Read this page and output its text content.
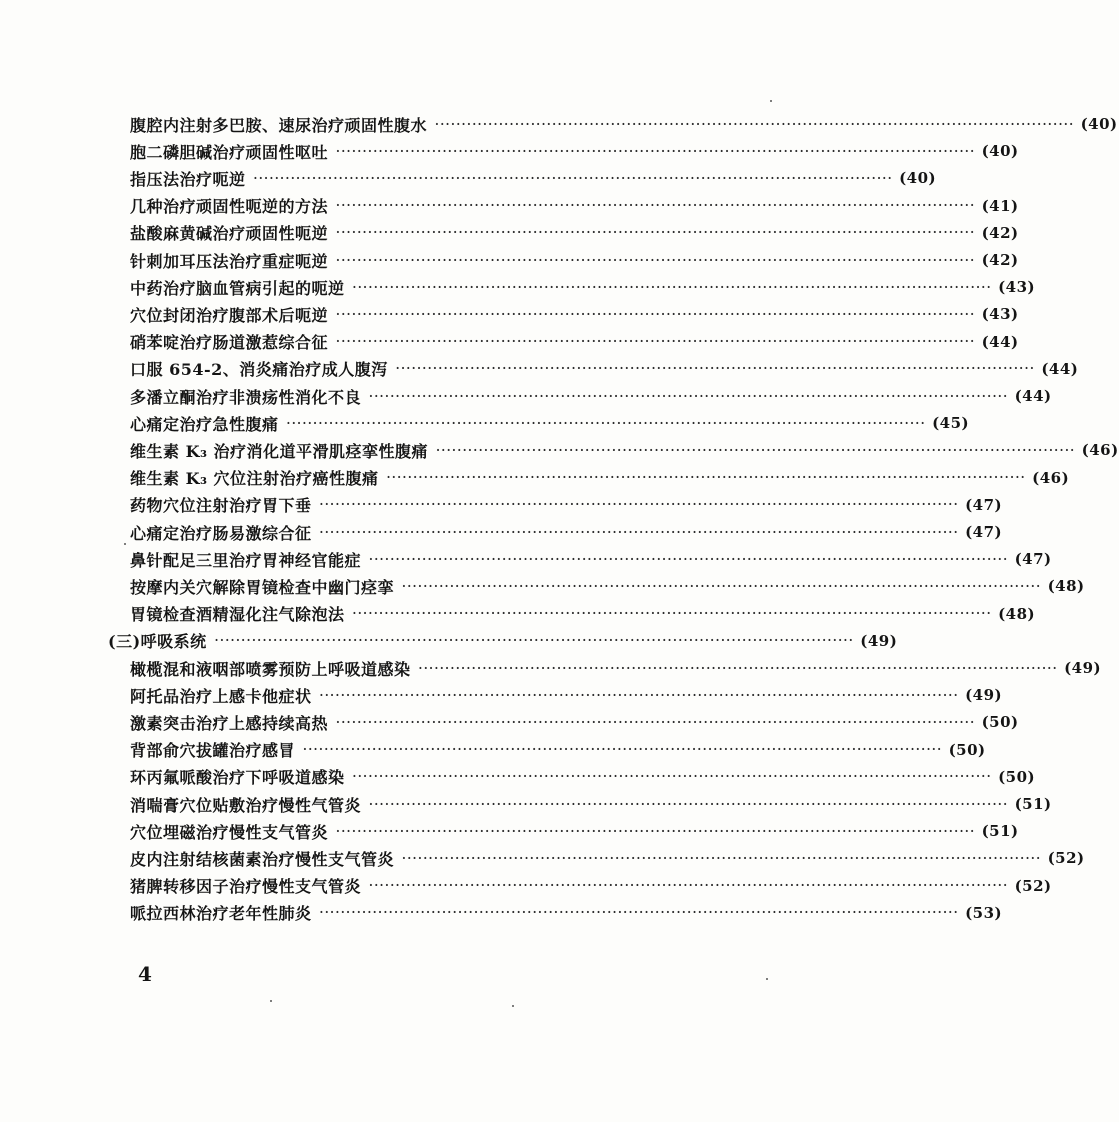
腹腔内注射多巴胺、速尿治疗顽固性腹水 ························································································································ (40)
胞二磷胆碱治疗顽固性呕吐 ························································································································ (40)
指压法治疗呃逆 ························································································································ (40)
几种治疗顽固性呃逆的方法 ························································································································ (41)
盐酸麻黄碱治疗顽固性呃逆 ························································································································ (42)
针刺加耳压法治疗重症呃逆 ························································································································ (42)
中药治疗脑血管病引起的呃逆 ························································································································ (43)
穴位封闭治疗腹部术后呃逆 ························································································································ (43)
硝苯啶治疗肠道激惹综合征 ························································································································ (44)
口服 654-2、消炎痛治疗成人腹泻 ························································································································ (44)
多潘立酮治疗非溃疡性消化不良 ························································································································ (44)
心痛定治疗急性腹痛 ························································································································ (45)
维生素 K₃ 治疗消化道平滑肌痉挛性腹痛 ························································································································ (46)
维生素 K₃ 穴位注射治疗癌性腹痛 ························································································································ (46)
药物穴位注射治疗胃下垂 ························································································································ (47)
心痛定治疗肠易激综合征 ························································································································ (47)
鼻针配足三里治疗胃神经官能症 ························································································································ (47)
按摩内关穴解除胃镜检查中幽门痉挛 ························································································································ (48)
胃镜检查酒精湿化注气除泡法 ························································································································ (48)
(三)呼吸系统 ························································································································ (49)
橄榄混和液咽部喷雾预防上呼吸道感染 ························································································································ (49)
阿托品治疗上感卡他症状 ························································································································ (49)
激素突击治疗上感持续高热 ························································································································ (50)
背部俞穴拔罐治疗感冒 ························································································································ (50)
环丙氟哌酸治疗下呼吸道感染 ························································································································ (50)
消喘膏穴位贴敷治疗慢性气管炎 ························································································································ (51)
穴位埋磁治疗慢性支气管炎 ························································································································ (51)
皮内注射结核菌素治疗慢性支气管炎 ························································································································ (52)
猪脾转移因子治疗慢性支气管炎 ························································································································ (52)
哌拉西林治疗老年性肺炎 ························································································································ (53)
4
